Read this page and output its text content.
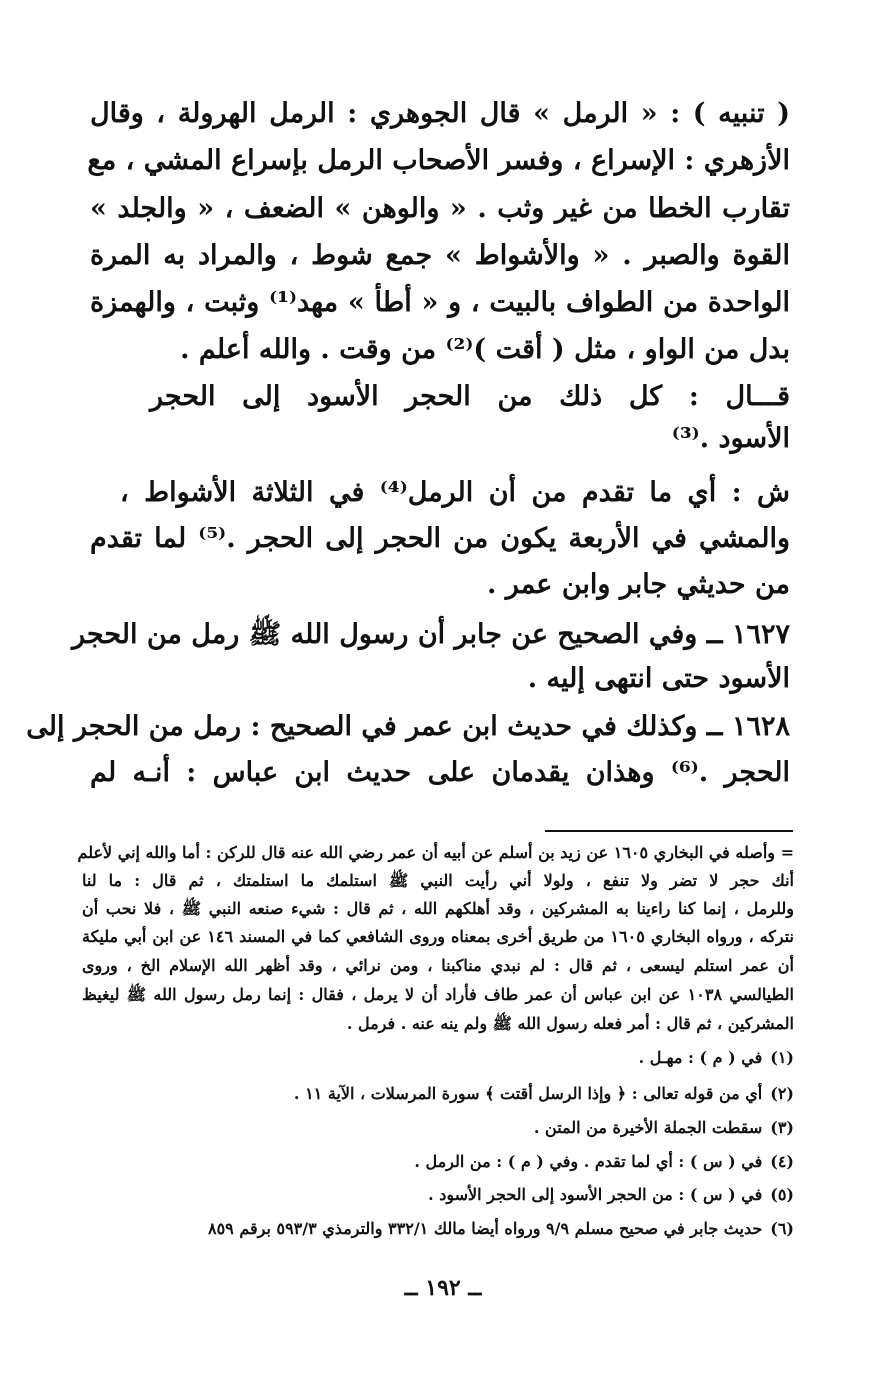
( تنبيه ) : « الرمل » قال الجوهري : الرمل الهرولة ، وقال
الأزهري : الإسراع ، وفسر الأصحاب الرمل بإسراع المشي ، مع
تقارب الخطا من غير وثب . « والوهن » الضعف ، « والجلد »
القوة والصبر . « والأشواط » جمع شوط ، والمراد به المرة
الواحدة من الطواف بالبيت ، و « أطأ » مهد⁽¹⁾ وثبت ، والهمزة
بدل من الواو ، مثل ( أقت )⁽²⁾ من وقت . والله أعلم .
قـــال : كل ذلك من الحجر الأسود إلى الحجر
الأسود .⁽³⁾
ش : أي ما تقدم من أن الرمل⁽⁴⁾ في الثلاثة الأشواط ،
والمشي في الأربعة يكون من الحجر إلى الحجر .⁽⁵⁾ لما تقدم
من حديثي جابر وابن عمر .
١٦٢٧ ــ وفي الصحيح عن جابر أن رسول الله ﷺ رمل من الحجر
الأسود حتى انتهى إليه .
١٦٢٨ ــ وكذلك في حديث ابن عمر في الصحيح : رمل من الحجر إلى
الحجر .⁽⁶⁾ وهذان يقدمان على حديث ابن عباس : أنـه لم
= وأصله في البخاري ١٦٠٥ عن زيد بن أسلم عن أبيه أن عمر رضي الله عنه قال للركن : أما والله إني لأعلم
أنك حجر لا تضر ولا تنفع ، ولولا أني رأيت النبي ﷺ استلمك ما استلمتك ، ثم قال : ما لنا
وللرمل ، إنما كنا راءينا به المشركين ، وقد أهلكهم الله ، ثم قال : شيء صنعه النبي ﷺ ، فلا نحب أن
نتركه ، ورواه البخاري ١٦٠٥ من طريق أخرى بمعناه وروى الشافعي كما في المسند ١٤٦ عن ابن أبي مليكة
أن عمر استلم ليسعى ، ثم قال : لم نبدي مناكبنا ، ومن نرائي ، وقد أظهر الله الإسلام الخ ، وروى
الطيالسي ١٠٣٨ عن ابن عباس أن عمر طاف فأراد أن لا يرمل ، فقال : إنما رمل رسول الله ﷺ ليغيظ
المشركين ، ثم قال : أمر فعله رسول الله ﷺ ولم ينه عنه . فرمل .
(١)في ( م ) : مهـل .
(٢)أي من قوله تعالى : ﴿ وإذا الرسل أقتت ﴾ سورة المرسلات ، الآية ١١ .
(٣)سقطت الجملة الأخيرة من المتن .
(٤)في ( س ) : أي لما تقدم . وفي ( م ) : من الرمل .
(٥)في ( س ) : من الحجر الأسود إلى الحجر الأسود .
(٦)حديث جابر في صحيح مسلم ٩/٩ ورواه أيضا مالك ٣٣٢/١ والترمذي ٥٩٣/٣ برقم ٨٥٩
ــ ١٩٢ ــ
